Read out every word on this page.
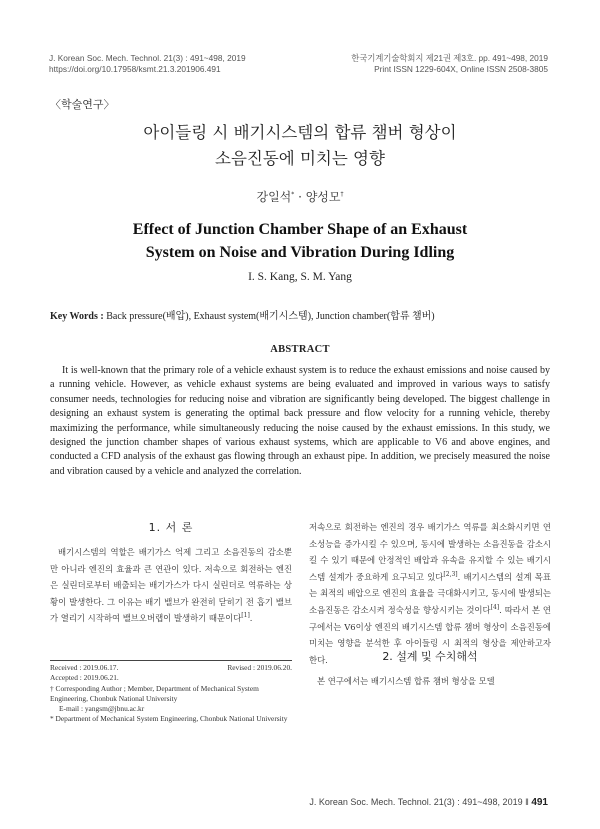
J. Korean Soc. Mech. Technol. 21(3) : 491~498, 2019
https://doi.org/10.17958/ksmt.21.3.201906.491
한국기계기술학회지 제21권 제3호. pp. 491~498, 2019
Print ISSN 1229-604X, Online ISSN 2508-3805
〈학술연구〉
아이들링 시 배기시스템의 합류 챔버 형상이
소음진동에 미치는 영향
강일석* · 양성모†
Effect of Junction Chamber Shape of an Exhaust
System on Noise and Vibration During Idling
I. S. Kang, S. M. Yang
Key Words : Back pressure(배압), Exhaust system(배기시스템), Junction chamber(합류 챔버)
ABSTRACT
It is well-known that the primary role of a vehicle exhaust system is to reduce the exhaust emissions and noise caused by a running vehicle. However, as vehicle exhaust systems are being evaluated and improved in various ways to satisfy consumer needs, technologies for reducing noise and vibration are significantly being developed. The biggest challenge in designing an exhaust system is generating the optimal back pressure and flow velocity for a running vehicle, thereby maximizing the performance, while simultaneously reducing the noise caused by the exhaust emissions. In this study, we designed the junction chamber shapes of various exhaust systems, which are applicable to V6 and above engines, and conducted a CFD analysis of the exhaust gas flowing through an exhaust pipe. In addition, we precisely measured the noise and vibration caused by a vehicle and analyzed the correlation.
1. 서 론
배기시스템의 역할은 배기가스 억제 그리고 소음진동의 감소뿐만 아니라 엔진의 효율과 큰 연관이 있다. 저속으로 회전하는 엔진은 실린더로부터 배출되는 배기가스가 다시 실린더로 역류하는 상황이 발생한다. 그 이유는 배기 밸브가 완전히 닫히기 전 흡기 밸브가 열리기 시작하여 밸브오버랩이 발생하기 때문이다[1].
Received : 2019.06.17.	Revised : 2019.06.20.
Accepted : 2019.06.21.
† Corresponding Author ; Member, Department of Mechanical System Engineering, Chonbuk National University
E-mail : yangsm@jbnu.ac.kr
* Department of Mechanical System Engineering, Chonbuk National University
저속으로 회전하는 엔진의 경우 배기가스 역류를 최소화시키면 연소성능을 증가시킬 수 있으며, 동시에 발생하는 소음진동을 감소시킬 수 있기 때문에 안정적인 배압과 유속을 유지할 수 있는 배기시스템 설계가 중요하게 요구되고 있다[2,3]. 배기시스템의 설계 목표는 최적의 배압으로 엔진의 효율을 극대화시키고, 동시에 발생되는 소음진동은 감소시켜 정숙성을 향상시키는 것이다[4]. 따라서 본 연구에서는 V6이상 엔진의 배기시스템 합류 챔버 형상이 소음진동에 미치는 영향을 분석한 후 아이들링 시 최적의 형상을 제안하고자 한다.	2. 설계 및 수치해석
본 연구에서는 배기시스템 합류 챔버 형상을 모델
J. Korean Soc. Mech. Technol. 21(3) : 491~498, 2019 ‖ 491
